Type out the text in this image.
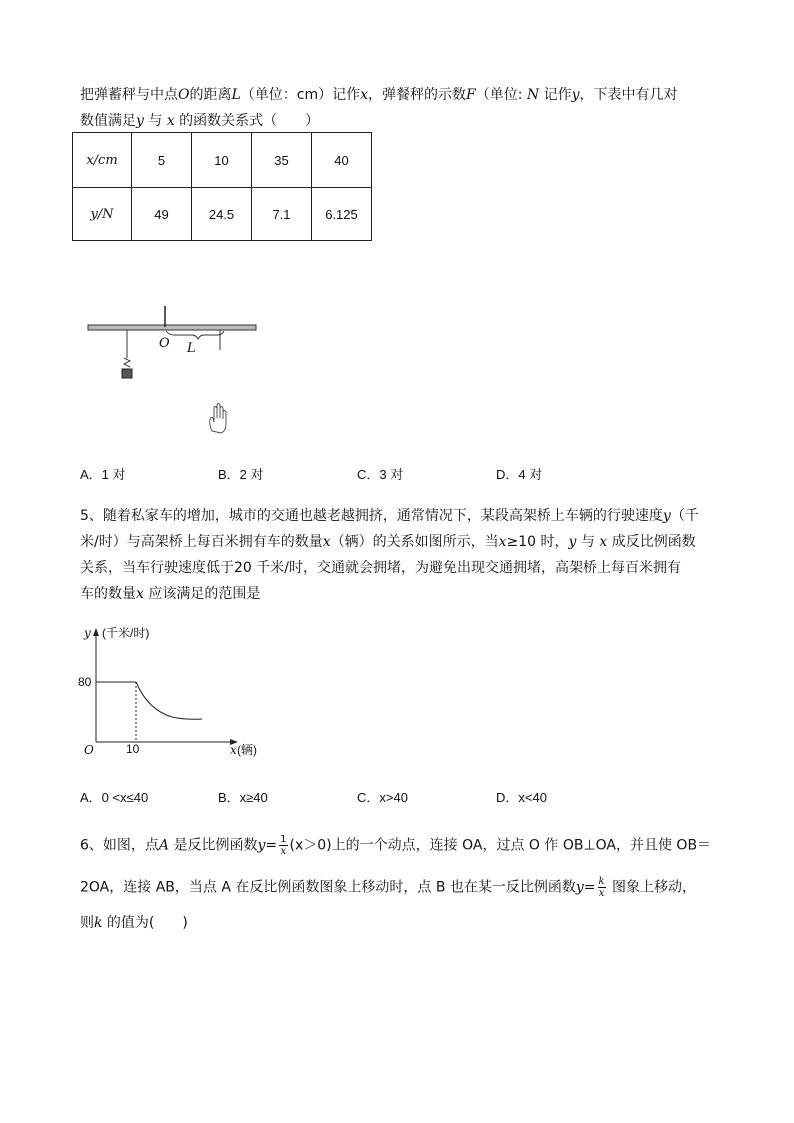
把弹蓄秤与中点O的距离L（单位：cm）记作x，弹餐秤的示数F（单位: N 记作y，下表中有几对
数值满足y 与 x 的函数关系式（　　）
x/cm	5	10	35	40
y/N	49	24.5	7.1	6.125
O L
A．1 对	B．2 对	C．3 对	D．4 对
5、随着私家车的增加，城市的交通也越老越拥挤，通常情况下，某段高架桥上车辆的行驶速度y（千
米/时）与高架桥上每百米拥有车的数量x（辆）的关系如图所示，当x≥10 时，y 与 x 成反比例函数
关系，当车行驶速度低于20 千米/时，交通就会拥堵，为避免出现交通拥堵，高架桥上每百米拥有
车的数量x 应该满足的范围是
y (千米/时)
80
10
O	x (辆)
A．0 <x≤40	B．x≥40	C．x>40	D．x<40
6、如图，点A 是反比例函数$y= \frac{1}{x} (x>0)$上的一个动点，连接 OA，过点 O 作 OB⊥OA，并且使 OB＝
2OA，连接 AB，当点 A 在反比例函数图象上移动时，点 B 也在某一反比例函数$y= \frac{k}{x}$ 图象上移动，
则k 的值为(　　)
